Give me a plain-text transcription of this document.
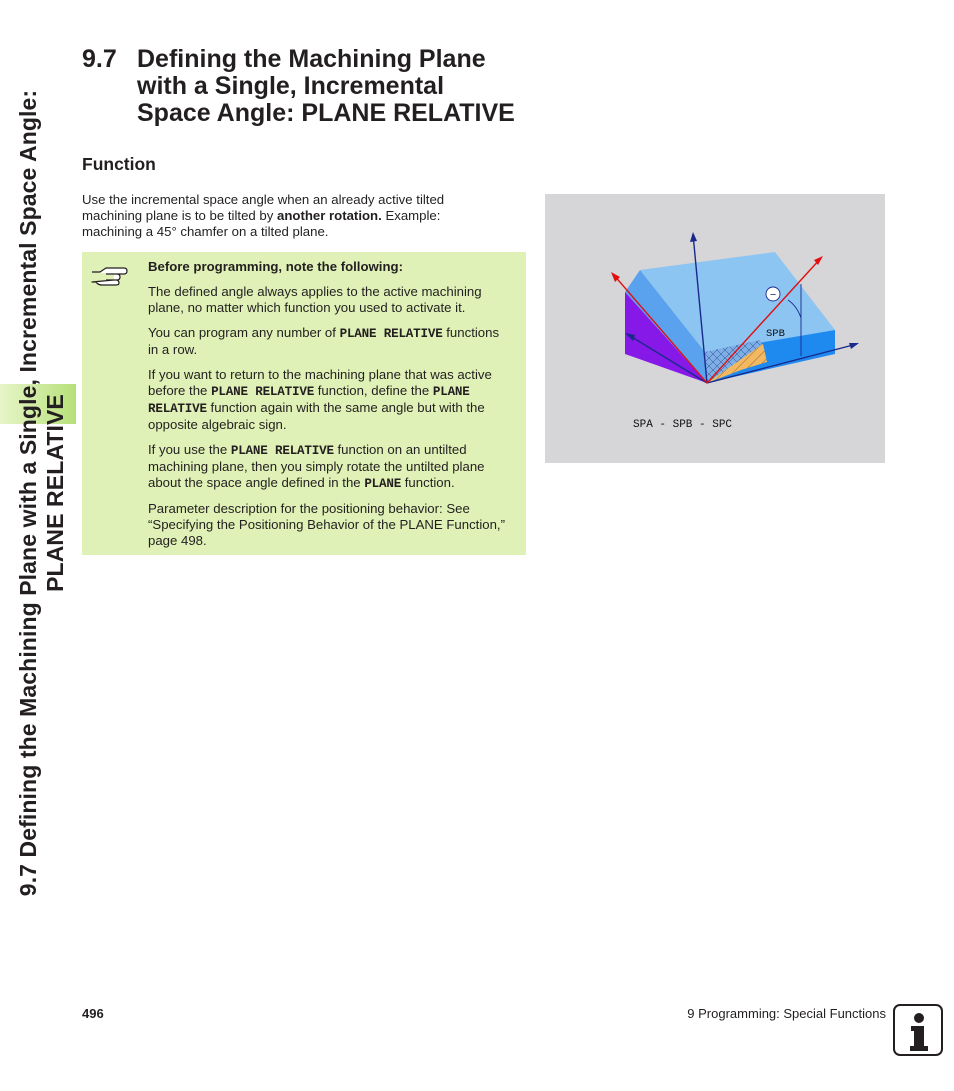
9.7 Defining the Machining Plane with a Single, Incremental Space Angle: PLANE RELATIVE
9.7 Defining the Machining Plane
with a Single, Incremental
Space Angle: PLANE RELATIVE
Function

Use the incremental space angle when an already active tilted machining plane is to be tilted by another rotation. Example: machining a 45° chamfer on a tilted plane.

Before programming, note the following:

The defined angle always applies to the active machining plane, no matter which function you used to activate it.

You can program any number of PLANE RELATIVE functions in a row.

If you want to return to the machining plane that was active before the PLANE RELATIVE function, define the PLANE RELATIVE function again with the same angle but with the opposite algebraic sign.

If you use the PLANE RELATIVE function on an untilted machining plane, then you simply rotate the untilted plane about the space angle defined in the PLANE function.

Parameter description for the positioning behavior: See “Specifying the Positioning Behavior of the PLANE Function,” page 498.

−
SPB
SPA - SPB - SPC
496	9 Programming: Special Functions
